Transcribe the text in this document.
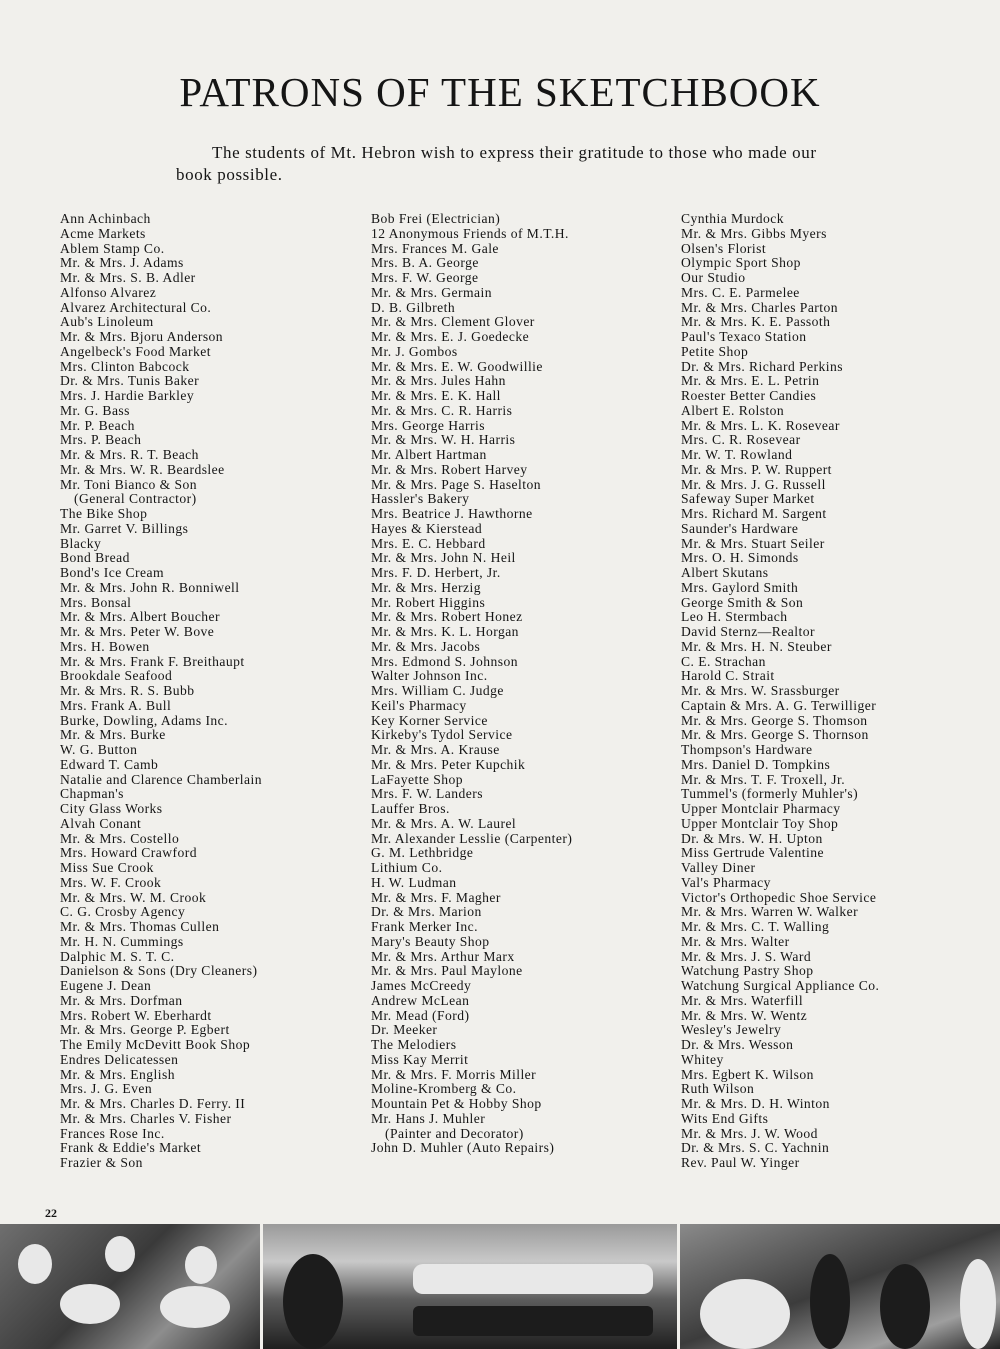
PATRONS OF THE SKETCHBOOK

The students of Mt. Hebron wish to express their gratitude to those who made our book possible.

Ann Achinbach
Acme Markets
Ablem Stamp Co.
Mr. & Mrs. J. Adams
Mr. & Mrs. S. B. Adler
Alfonso Alvarez
Alvarez Architectural Co.
Aub's Linoleum
Mr. & Mrs. Bjoru Anderson
Angelbeck's Food Market
Mrs. Clinton Babcock
Dr. & Mrs. Tunis Baker
Mrs. J. Hardie Barkley
Mr. G. Bass
Mr. P. Beach
Mrs. P. Beach
Mr. & Mrs. R. T. Beach
Mr. & Mrs. W. R. Beardslee
Mr. Toni Bianco & Son
(General Contractor)
The Bike Shop
Mr. Garret V. Billings
Blacky
Bond Bread
Bond's Ice Cream
Mr. & Mrs. John R. Bonniwell
Mrs. Bonsal
Mr. & Mrs. Albert Boucher
Mr. & Mrs. Peter W. Bove
Mrs. H. Bowen
Mr. & Mrs. Frank F. Breithaupt
Brookdale Seafood
Mr. & Mrs. R. S. Bubb
Mrs. Frank A. Bull
Burke, Dowling, Adams Inc.
Mr. & Mrs. Burke
W. G. Button
Edward T. Camb
Natalie and Clarence Chamberlain
Chapman's
City Glass Works
Alvah Conant
Mr. & Mrs. Costello
Mrs. Howard Crawford
Miss Sue Crook
Mrs. W. F. Crook
Mr. & Mrs. W. M. Crook
C. G. Crosby Agency
Mr. & Mrs. Thomas Cullen
Mr. H. N. Cummings
Dalphic M. S. T. C.
Danielson & Sons (Dry Cleaners)
Eugene J. Dean
Mr. & Mrs. Dorfman
Mrs. Robert W. Eberhardt
Mr. & Mrs. George P. Egbert
The Emily McDevitt Book Shop
Endres Delicatessen
Mr. & Mrs. English
Mrs. J. G. Even
Mr. & Mrs. Charles D. Ferry. II
Mr. & Mrs. Charles V. Fisher
Frances Rose Inc.
Frank & Eddie's Market
Frazier & Son
Bob Frei (Electrician)
12 Anonymous Friends of M.T.H.
Mrs. Frances M. Gale
Mrs. B. A. George
Mrs. F. W. George
Mr. & Mrs. Germain
D. B. Gilbreth
Mr. & Mrs. Clement Glover
Mr. & Mrs. E. J. Goedecke
Mr. J. Gombos
Mr. & Mrs. E. W. Goodwillie
Mr. & Mrs. Jules Hahn
Mr. & Mrs. E. K. Hall
Mr. & Mrs. C. R. Harris
Mrs. George Harris
Mr. & Mrs. W. H. Harris
Mr. Albert Hartman
Mr. & Mrs. Robert Harvey
Mr. & Mrs. Page S. Haselton
Hassler's Bakery
Mrs. Beatrice J. Hawthorne
Hayes & Kierstead
Mrs. E. C. Hebbard
Mr. & Mrs. John N. Heil
Mrs. F. D. Herbert, Jr.
Mr. & Mrs. Herzig
Mr. Robert Higgins
Mr. & Mrs. Robert Honez
Mr. & Mrs. K. L. Horgan
Mr. & Mrs. Jacobs
Mrs. Edmond S. Johnson
Walter Johnson Inc.
Mrs. William C. Judge
Keil's Pharmacy
Key Korner Service
Kirkeby's Tydol Service
Mr. & Mrs. A. Krause
Mr. & Mrs. Peter Kupchik
LaFayette Shop
Mrs. F. W. Landers
Lauffer Bros.
Mr. & Mrs. A. W. Laurel
Mr. Alexander Lesslie (Carpenter)
G. M. Lethbridge
Lithium Co.
H. W. Ludman
Mr. & Mrs. F. Magher
Dr. & Mrs. Marion
Frank Merker Inc.
Mary's Beauty Shop
Mr. & Mrs. Arthur Marx
Mr. & Mrs. Paul Maylone
James McCreedy
Andrew McLean
Mr. Mead (Ford)
Dr. Meeker
The Melodiers
Miss Kay Merrit
Mr. & Mrs. F. Morris Miller
Moline-Kromberg & Co.
Mountain Pet & Hobby Shop
Mr. Hans J. Muhler
(Painter and Decorator)
John D. Muhler (Auto Repairs)
Cynthia Murdock
Mr. & Mrs. Gibbs Myers
Olsen's Florist
Olympic Sport Shop
Our Studio
Mrs. C. E. Parmelee
Mr. & Mrs. Charles Parton
Mr. & Mrs. K. E. Passoth
Paul's Texaco Station
Petite Shop
Dr. & Mrs. Richard Perkins
Mr. & Mrs. E. L. Petrin
Roester Better Candies
Albert E. Rolston
Mr. & Mrs. L. K. Rosevear
Mrs. C. R. Rosevear
Mr. W. T. Rowland
Mr. & Mrs. P. W. Ruppert
Mr. & Mrs. J. G. Russell
Safeway Super Market
Mrs. Richard M. Sargent
Saunder's Hardware
Mr. & Mrs. Stuart Seiler
Mrs. O. H. Simonds
Albert Skutans
Mrs. Gaylord Smith
George Smith & Son
Leo H. Stermbach
David Sternz—Realtor
Mr. & Mrs. H. N. Steuber
C. E. Strachan
Harold C. Strait
Mr. & Mrs. W. Srassburger
Captain & Mrs. A. G. Terwilliger
Mr. & Mrs. George S. Thomson
Mr. & Mrs. George S. Thornson
Thompson's Hardware
Mrs. Daniel D. Tompkins
Mr. & Mrs. T. F. Troxell, Jr.
Tummel's (formerly Muhler's)
Upper Montclair Pharmacy
Upper Montclair Toy Shop
Dr. & Mrs. W. H. Upton
Miss Gertrude Valentine
Valley Diner
Val's Pharmacy
Victor's Orthopedic Shoe Service
Mr. & Mrs. Warren W. Walker
Mr. & Mrs. C. T. Walling
Mr. & Mrs. Walter
Mr. & Mrs. J. S. Ward
Watchung Pastry Shop
Watchung Surgical Appliance Co.
Mr. & Mrs. Waterfill
Mr. & Mrs. W. Wentz
Wesley's Jewelry
Dr. & Mrs. Wesson
Whitey
Mrs. Egbert K. Wilson
Ruth Wilson
Mr. & Mrs. D. H. Winton
Wits End Gifts
Mr. & Mrs. J. W. Wood
Dr. & Mrs. S. C. Yachnin
Rev. Paul W. Yinger
22
